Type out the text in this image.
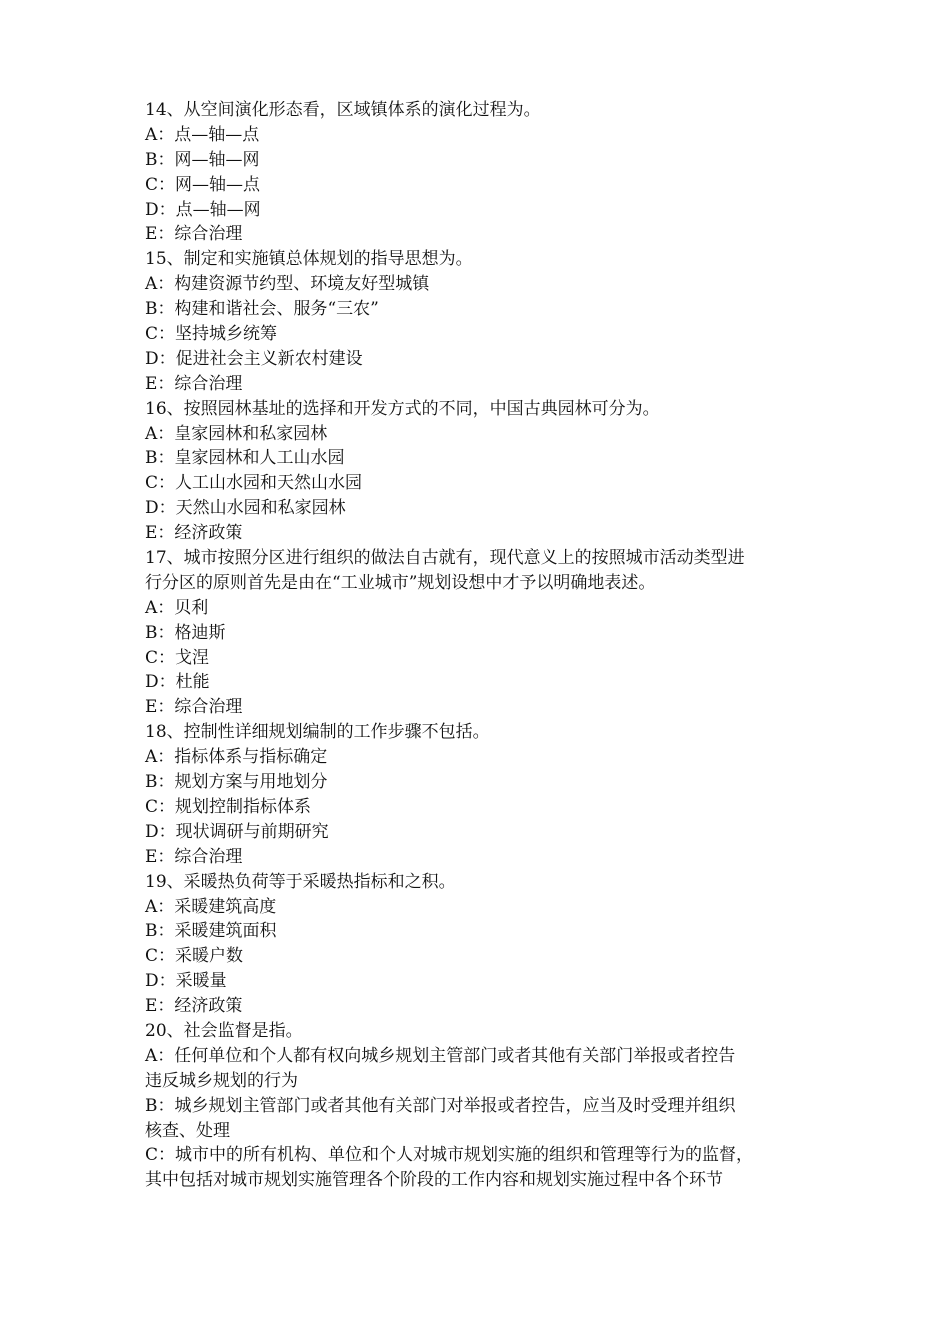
14、从空间演化形态看，区域镇体系的演化过程为。
A：点—轴—点
B：网—轴—网
C：网—轴—点
D：点—轴—网
E：综合治理
15、制定和实施镇总体规划的指导思想为。
A：构建资源节约型、环境友好型城镇
B：构建和谐社会、服务“三农”
C：坚持城乡统筹
D：促进社会主义新农村建设
E：综合治理
16、按照园林基址的选择和开发方式的不同，中国古典园林可分为。
A：皇家园林和私家园林
B：皇家园林和人工山水园
C：人工山水园和天然山水园
D：天然山水园和私家园林
E：经济政策
17、城市按照分区进行组织的做法自古就有，现代意义上的按照城市活动类型进
行分区的原则首先是由在“工业城市”规划设想中才予以明确地表述。
A：贝利
B：格迪斯
C：戈涅
D：杜能
E：综合治理
18、控制性详细规划编制的工作步骤不包括。
A：指标体系与指标确定
B：规划方案与用地划分
C：规划控制指标体系
D：现状调研与前期研究
E：综合治理
19、采暖热负荷等于采暖热指标和之积。
A：采暖建筑高度
B：采暖建筑面积
C：采暖户数
D：采暖量
E：经济政策
20、社会监督是指。
A：任何单位和个人都有权向城乡规划主管部门或者其他有关部门举报或者控告
违反城乡规划的行为
B：城乡规划主管部门或者其他有关部门对举报或者控告，应当及时受理并组织
核查、处理
C：城市中的所有机构、单位和个人对城市规划实施的组织和管理等行为的监督，
其中包括对城市规划实施管理各个阶段的工作内容和规划实施过程中各个环节
